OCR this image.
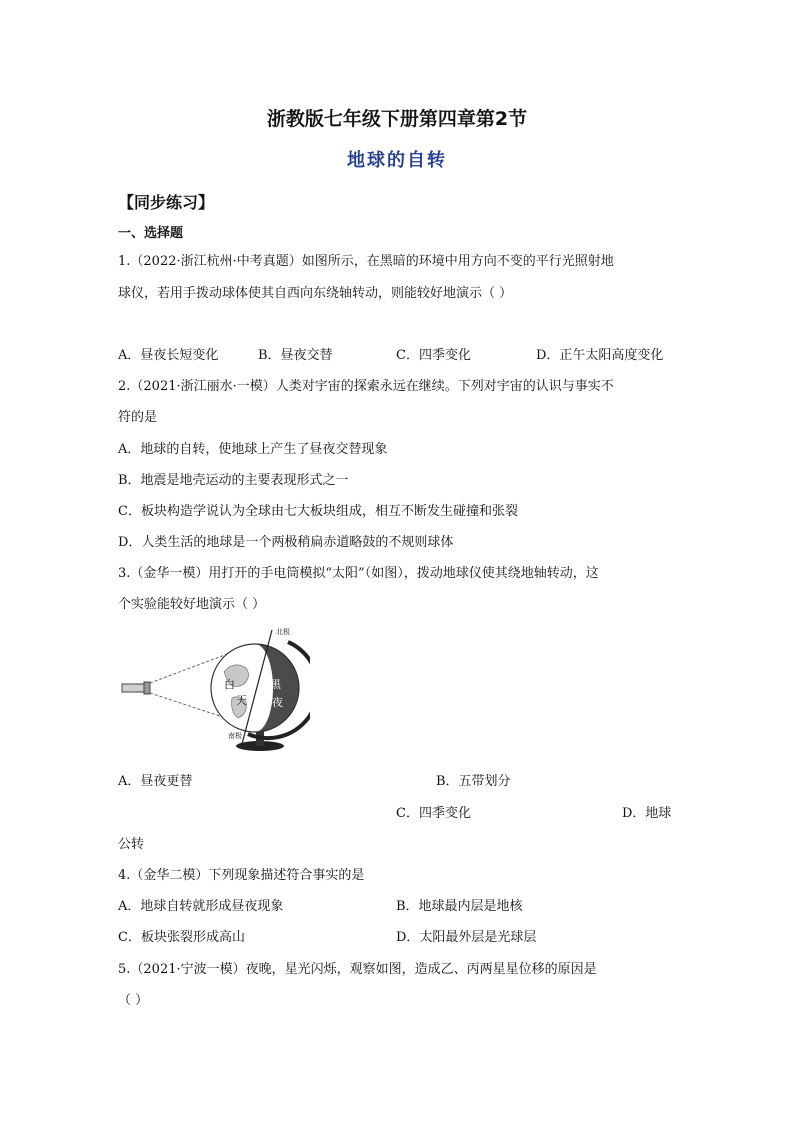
浙教版七年级下册第四章第2节
地球的自转
【同步练习】
一、选择题
1.（2022·浙江杭州·中考真题）如图所示，在黑暗的环境中用方向不变的平行光照射地
球仪，若用手拨动球体使其自西向东绕轴转动，则能较好地演示（ ）
A．昼夜长短变化	B．昼夜交替	C．四季变化	D．正午太阳高度变化
2.（2021·浙江丽水·一模）人类对宇宙的探索永远在继续。下列对宇宙的认识与事实不
符的是
A．地球的自转，使地球上产生了昼夜交替现象
B．地震是地壳运动的主要表现形式之一
C．板块构造学说认为全球由七大板块组成，相互不断发生碰撞和张裂
D．人类生活的地球是一个两极稍扁赤道略鼓的不规则球体
3.（金华一模）用打开的手电筒模拟“太阳”（如图），拨动地球仪使其绕地轴转动，这
个实验能较好地演示（ ）
北极
南极
白
天
黑
夜
A．昼夜更替	B．五带划分
C．四季变化	D．地球
公转
4.（金华二模）下列现象描述符合事实的是
A．地球自转就形成昼夜现象	B．地球最内层是地核
C．板块张裂形成高山	D．太阳最外层是光球层
5.（2021·宁波一模）夜晚，星光闪烁，观察如图，造成乙、丙两星星位移的原因是
（ ）
